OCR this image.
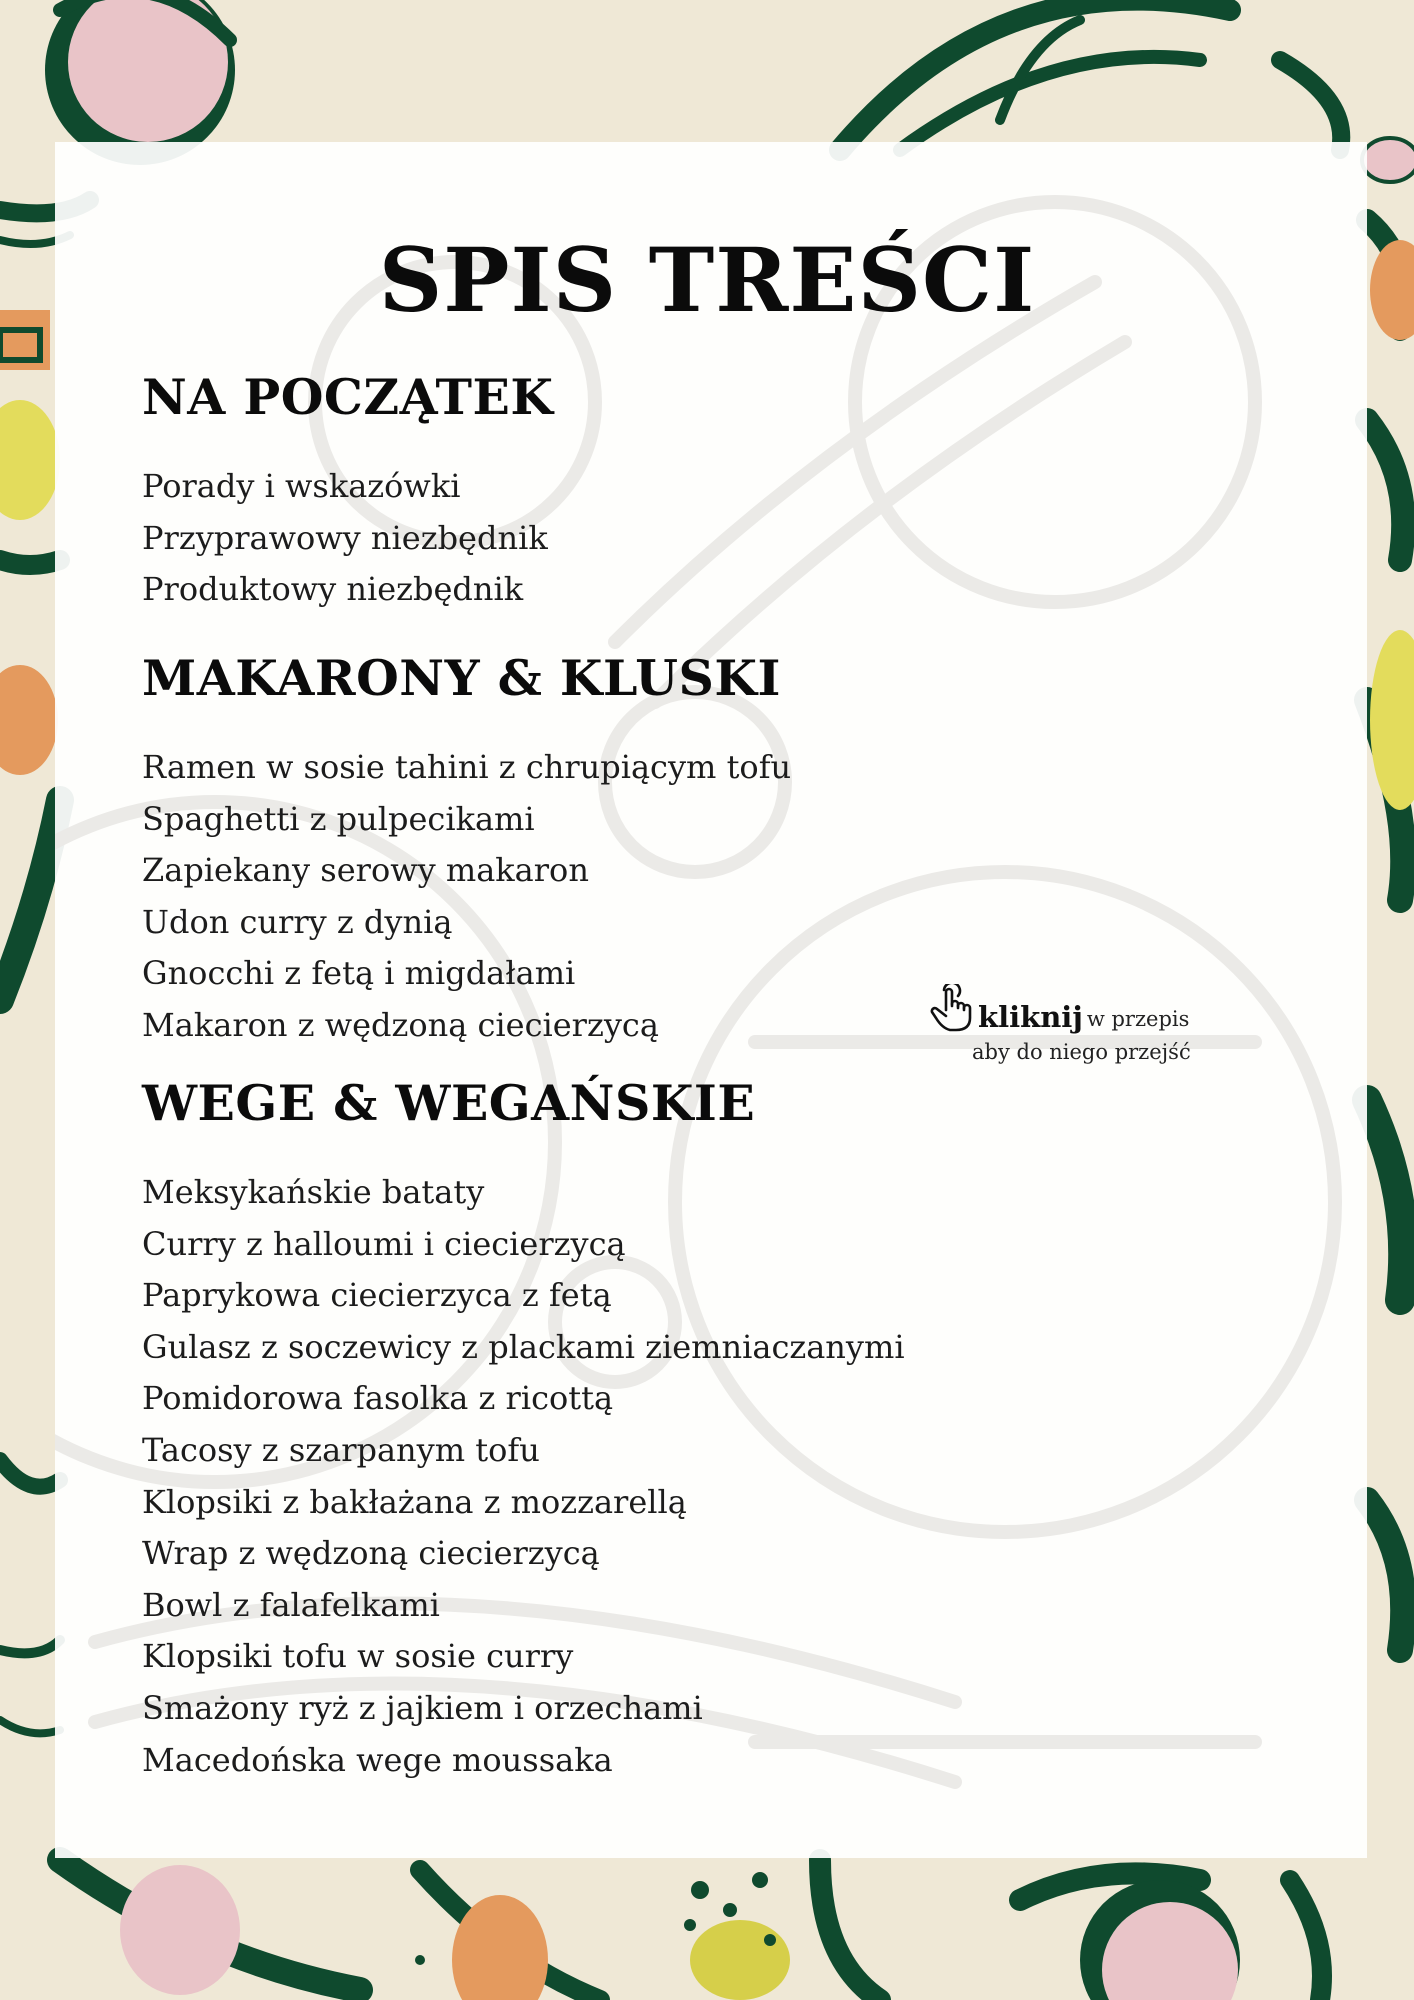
SPIS TREŚCI
NA POCZĄTEK
Porady i wskazówki
Przyprawowy niezbędnik
Produktowy niezbędnik
MAKARONY & KLUSKI
Ramen w sosie tahini z chrupiącym tofu
Spaghetti z pulpecikami
Zapiekany serowy makaron
Udon curry z dynią
Gnocchi z fetą i migdałami
Makaron z wędzoną ciecierzycą
WEGE & WEGAŃSKIE
Meksykańskie bataty
Curry z halloumi i ciecierzycą
Paprykowa ciecierzyca z fetą
Gulasz z soczewicy z plackami ziemniaczanymi
Pomidorowa fasolka z ricottą
Tacosy z szarpanym tofu
Klopsiki z bakłażana z mozzarellą
Wrap z wędzoną ciecierzycą
Bowl z falafelkami
Klopsiki tofu w sosie curry
Smażony ryż z jajkiem i orzechami
Macedońska wege moussaka
kliknij w przepis
aby do niego przejść
